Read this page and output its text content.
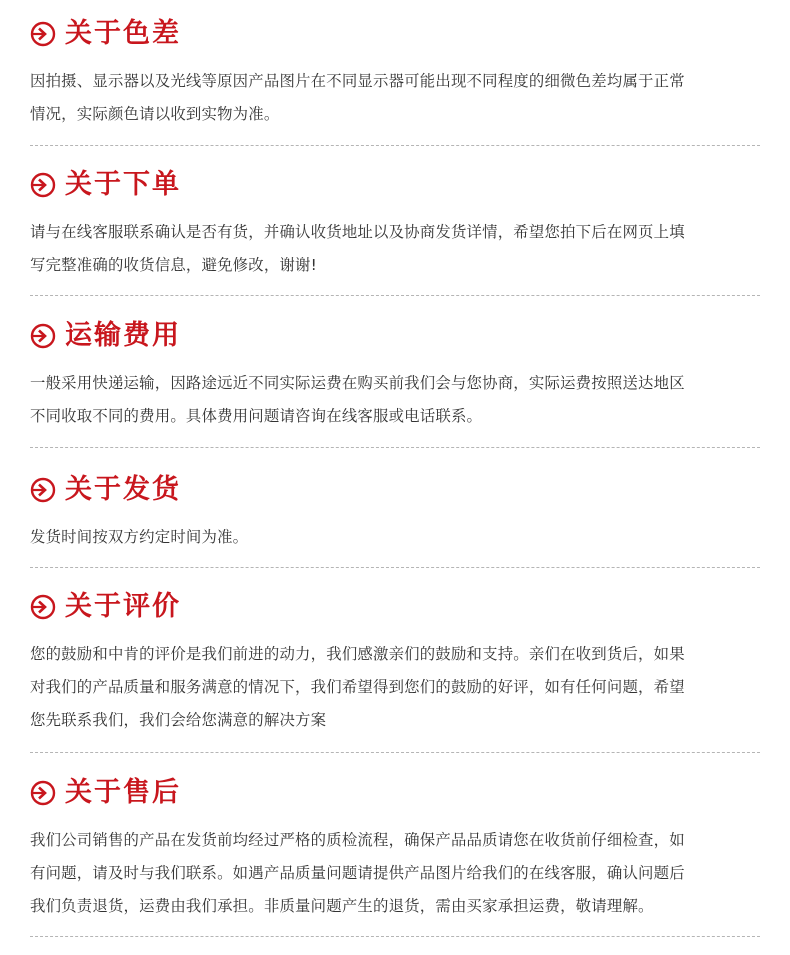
关于色差
因拍摄、显示器以及光线等原因产品图片在不同显示器可能出现不同程度的细微色差均属于正常
情况，实际颜色请以收到实物为准。
关于下单
请与在线客服联系确认是否有货，并确认收货地址以及协商发货详情，希望您拍下后在网页上填
写完整准确的收货信息，避免修改，谢谢!
运输费用
一般采用快递运输，因路途远近不同实际运费在购买前我们会与您协商，实际运费按照送达地区
不同收取不同的费用。具体费用问题请咨询在线客服或电话联系。
关于发货
发货时间按双方约定时间为准。
关于评价
您的鼓励和中肯的评价是我们前进的动力，我们感激亲们的鼓励和支持。亲们在收到货后，如果
对我们的产品质量和服务满意的情况下，我们希望得到您们的鼓励的好评，如有任何问题，希望
您先联系我们，我们会给您满意的解决方案
关于售后
我们公司销售的产品在发货前均经过严格的质检流程，确保产品品质请您在收货前仔细检查，如
有问题，请及时与我们联系。如遇产品质量问题请提供产品图片给我们的在线客服，确认问题后
我们负责退货，运费由我们承担。非质量问题产生的退货，需由买家承担运费，敬请理解。
